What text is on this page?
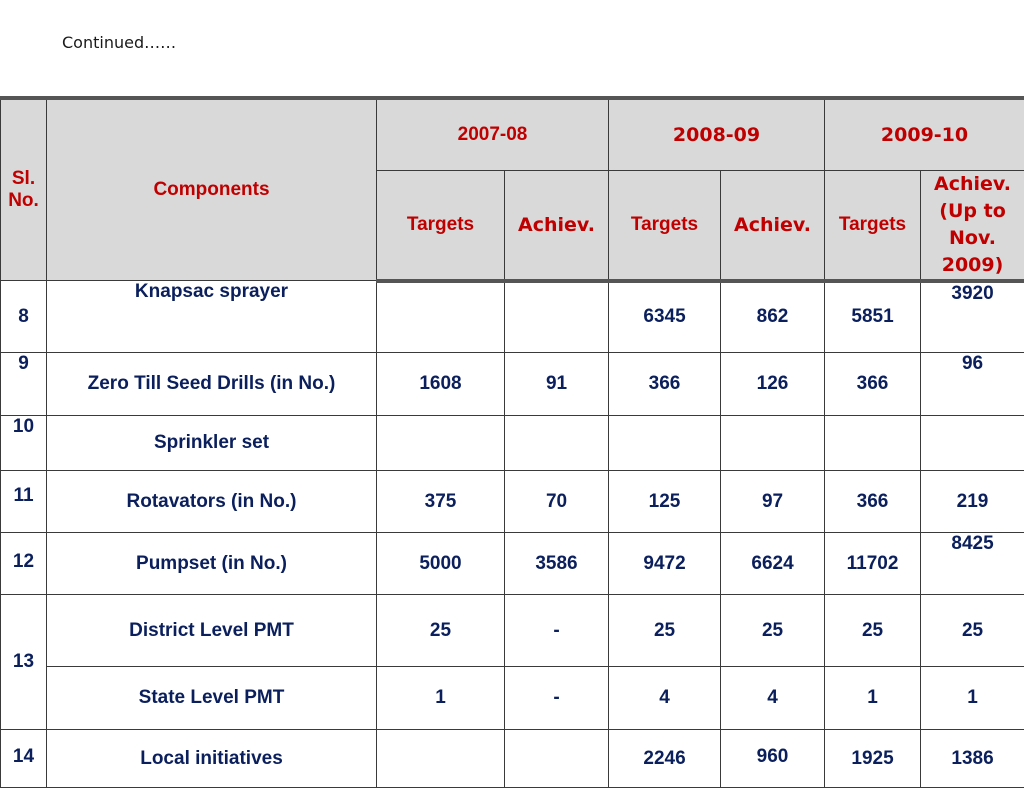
Continued……
Sl. No.	Components	2007-08		2008-09		2009-10	
		Targets	Achiev.	Targets	Achiev.	Targets	Achiev. (Up to Nov. 2009)
8	Knapsac sprayer			6345	862	5851	3920
9	Zero Till Seed Drills (in No.)	1608	91	366	126	366	96
10	Sprinkler set						
11	Rotavators (in No.)	375	70	125	97	366	219
12	Pumpset (in No.)	5000	3586	9472	6624	11702	8425
13	District Level PMT	25	-	25	25	25	25
	State Level PMT	1	-	4	4	1	1
14	Local initiatives			2246	960	1925	1386
